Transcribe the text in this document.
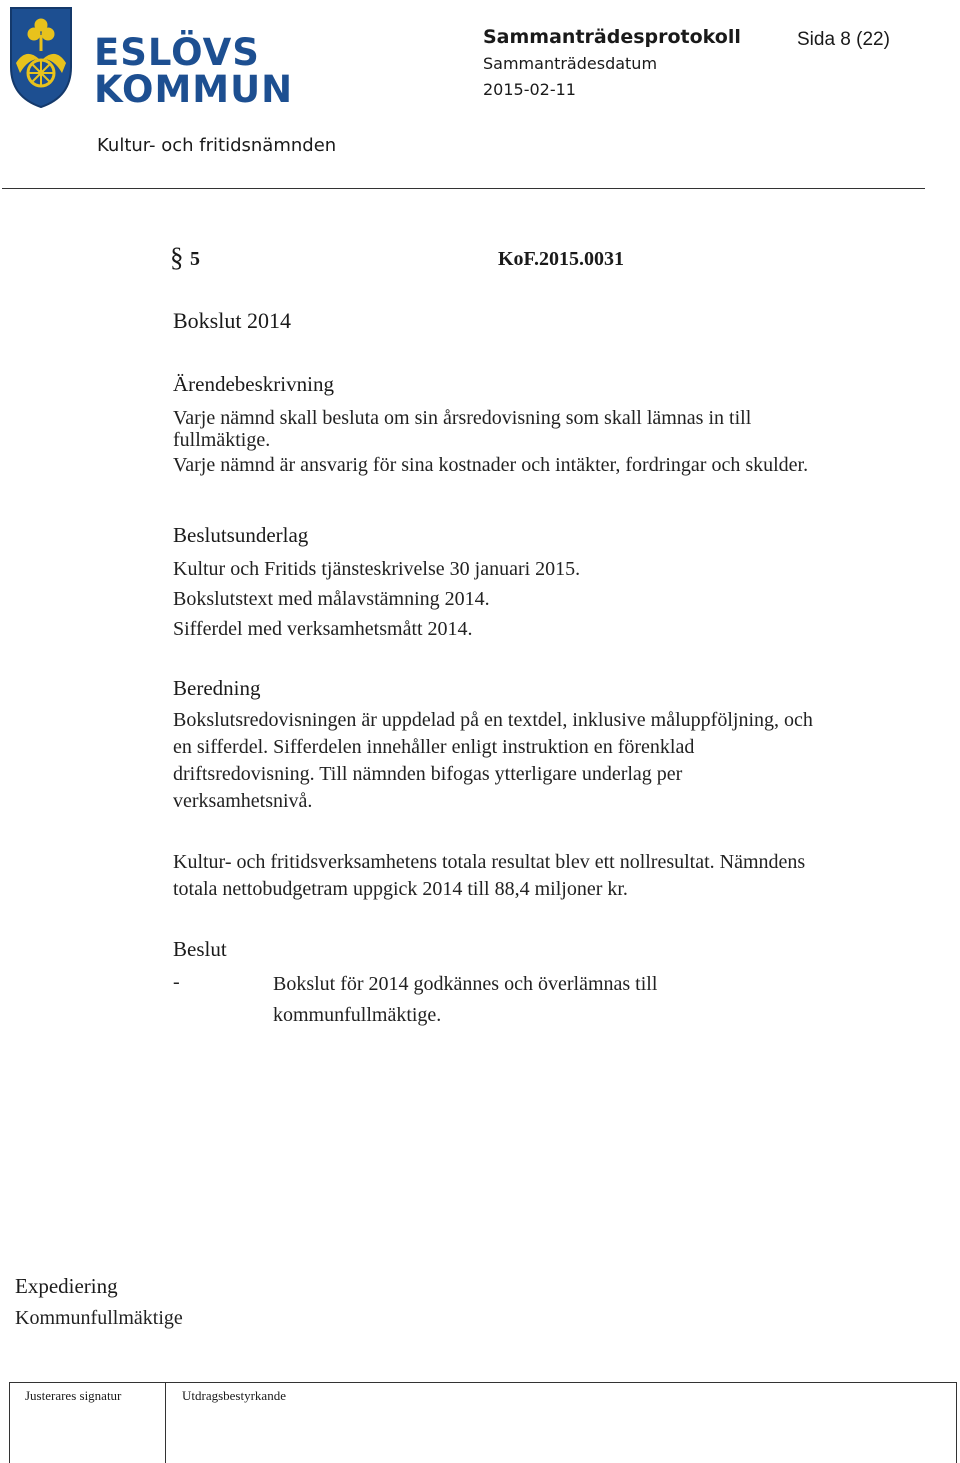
ESLÖVS
KOMMUN
Sammanträdesprotokoll	Sida 8 (22)
Sammanträdesdatum
2015-02-11
Kultur- och fritidsnämnden
§ 5	KoF.2015.0031
Bokslut 2014
Ärendebeskrivning
Varje nämnd skall besluta om sin årsredovisning som skall lämnas in till
fullmäktige.
Varje nämnd är ansvarig för sina kostnader och intäkter, fordringar och skulder.
Beslutsunderlag
Kultur och Fritids tjänsteskrivelse 30 januari 2015.
Bokslutstext med målavstämning 2014.
Sifferdel med verksamhetsmått 2014.
Beredning
Bokslutsredovisningen är uppdelad på en textdel, inklusive måluppföljning, och
en sifferdel. Sifferdelen innehåller enligt instruktion en förenklad
driftsredovisning. Till nämnden bifogas ytterligare underlag per
verksamhetsnivå.
Kultur- och fritidsverksamhetens totala resultat blev ett nollresultat. Nämndens
totala nettobudgetram uppgick 2014 till 88,4 miljoner kr.
Beslut
-	Bokslut för 2014 godkännes och överlämnas till
kommunfullmäktige.
Expediering
Kommunfullmäktige
Justerares signatur	Utdragsbestyrkande
